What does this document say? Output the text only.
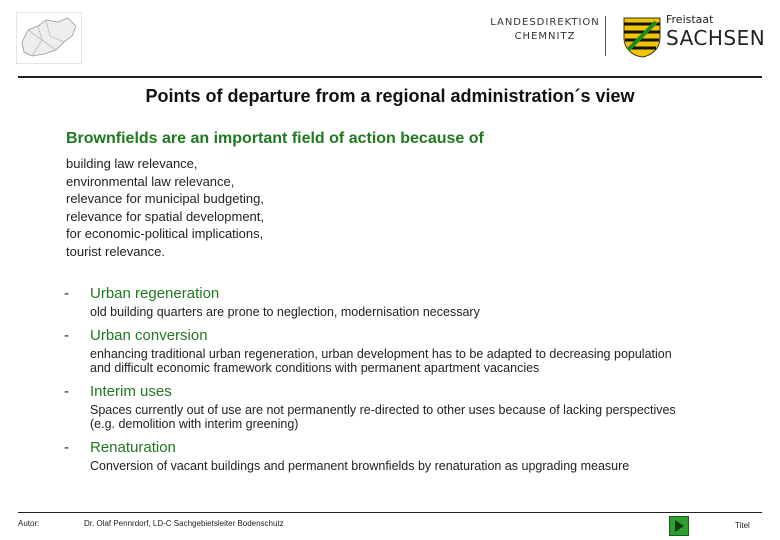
LANDESDIREKTION
CHEMNITZ
Freistaat
SACHSEN
Points of departure from a regional administration´s view
Brownfields are an important field of action because of
building law relevance,
environmental law relevance,
relevance for municipal budgeting,
relevance for spatial development,
for economic-political implications,
tourist relevance.
- Urban regeneration
old building quarters are prone to neglection, modernisation necessary
- Urban conversion
enhancing traditional urban regeneration, urban development has to be adapted to decreasing population
and difficult economic framework conditions with permanent apartment vacancies
- Interim uses
Spaces currently out of use are not permanently re-directed to other uses because of lacking perspectives
(e.g. demolition with interim greening)
- Renaturation
Conversion of vacant buildings and permanent brownfields by renaturation as upgrading measure
Autor:	Dr. Olaf Pennrdorf, LD-C Sachgebietsleiter Bodenschutz	Titel
